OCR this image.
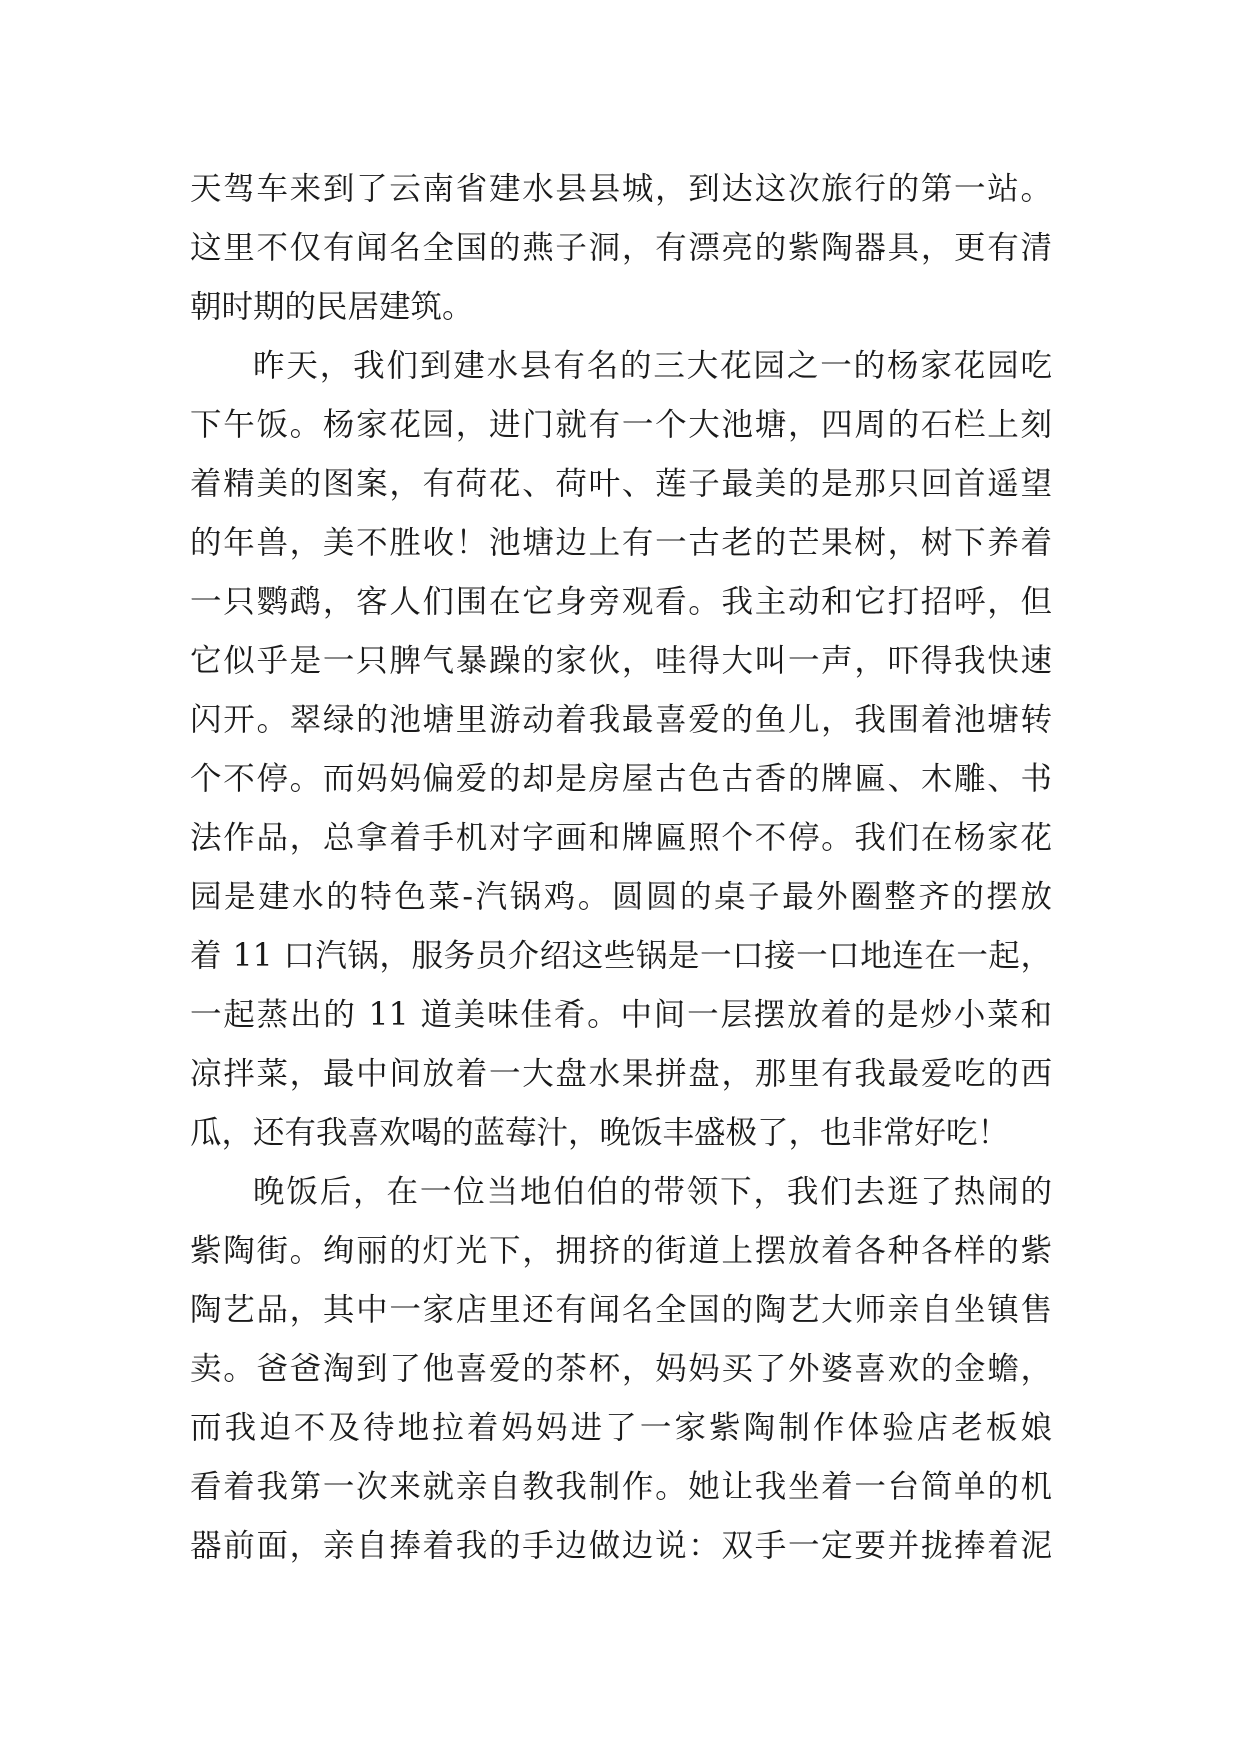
天驾车来到了云南省建水县县城，到达这次旅行的第一站。
这里不仅有闻名全国的燕子洞，有漂亮的紫陶器具，更有清
朝时期的民居建筑。
昨天，我们到建水县有名的三大花园之一的杨家花园吃
下午饭。杨家花园，进门就有一个大池塘，四周的石栏上刻
着精美的图案，有荷花、荷叶、莲子最美的是那只回首遥望
的年兽，美不胜收！池塘边上有一古老的芒果树，树下养着
一只鹦鹉，客人们围在它身旁观看。我主动和它打招呼，但
它似乎是一只脾气暴躁的家伙，哇得大叫一声，吓得我快速
闪开。翠绿的池塘里游动着我最喜爱的鱼儿，我围着池塘转
个不停。而妈妈偏爱的却是房屋古色古香的牌匾、木雕、书
法作品，总拿着手机对字画和牌匾照个不停。我们在杨家花
园是建水的特色菜-汽锅鸡。圆圆的桌子最外圈整齐的摆放
着 11 口汽锅，服务员介绍这些锅是一口接一口地连在一起，
一起蒸出的 11 道美味佳肴。中间一层摆放着的是炒小菜和
凉拌菜，最中间放着一大盘水果拼盘，那里有我最爱吃的西
瓜，还有我喜欢喝的蓝莓汁，晚饭丰盛极了，也非常好吃！
晚饭后，在一位当地伯伯的带领下，我们去逛了热闹的
紫陶街。绚丽的灯光下，拥挤的街道上摆放着各种各样的紫
陶艺品，其中一家店里还有闻名全国的陶艺大师亲自坐镇售
卖。爸爸淘到了他喜爱的茶杯，妈妈买了外婆喜欢的金蟾，
而我迫不及待地拉着妈妈进了一家紫陶制作体验店老板娘
看着我第一次来就亲自教我制作。她让我坐着一台简单的机
器前面，亲自捧着我的手边做边说：双手一定要并拢捧着泥
